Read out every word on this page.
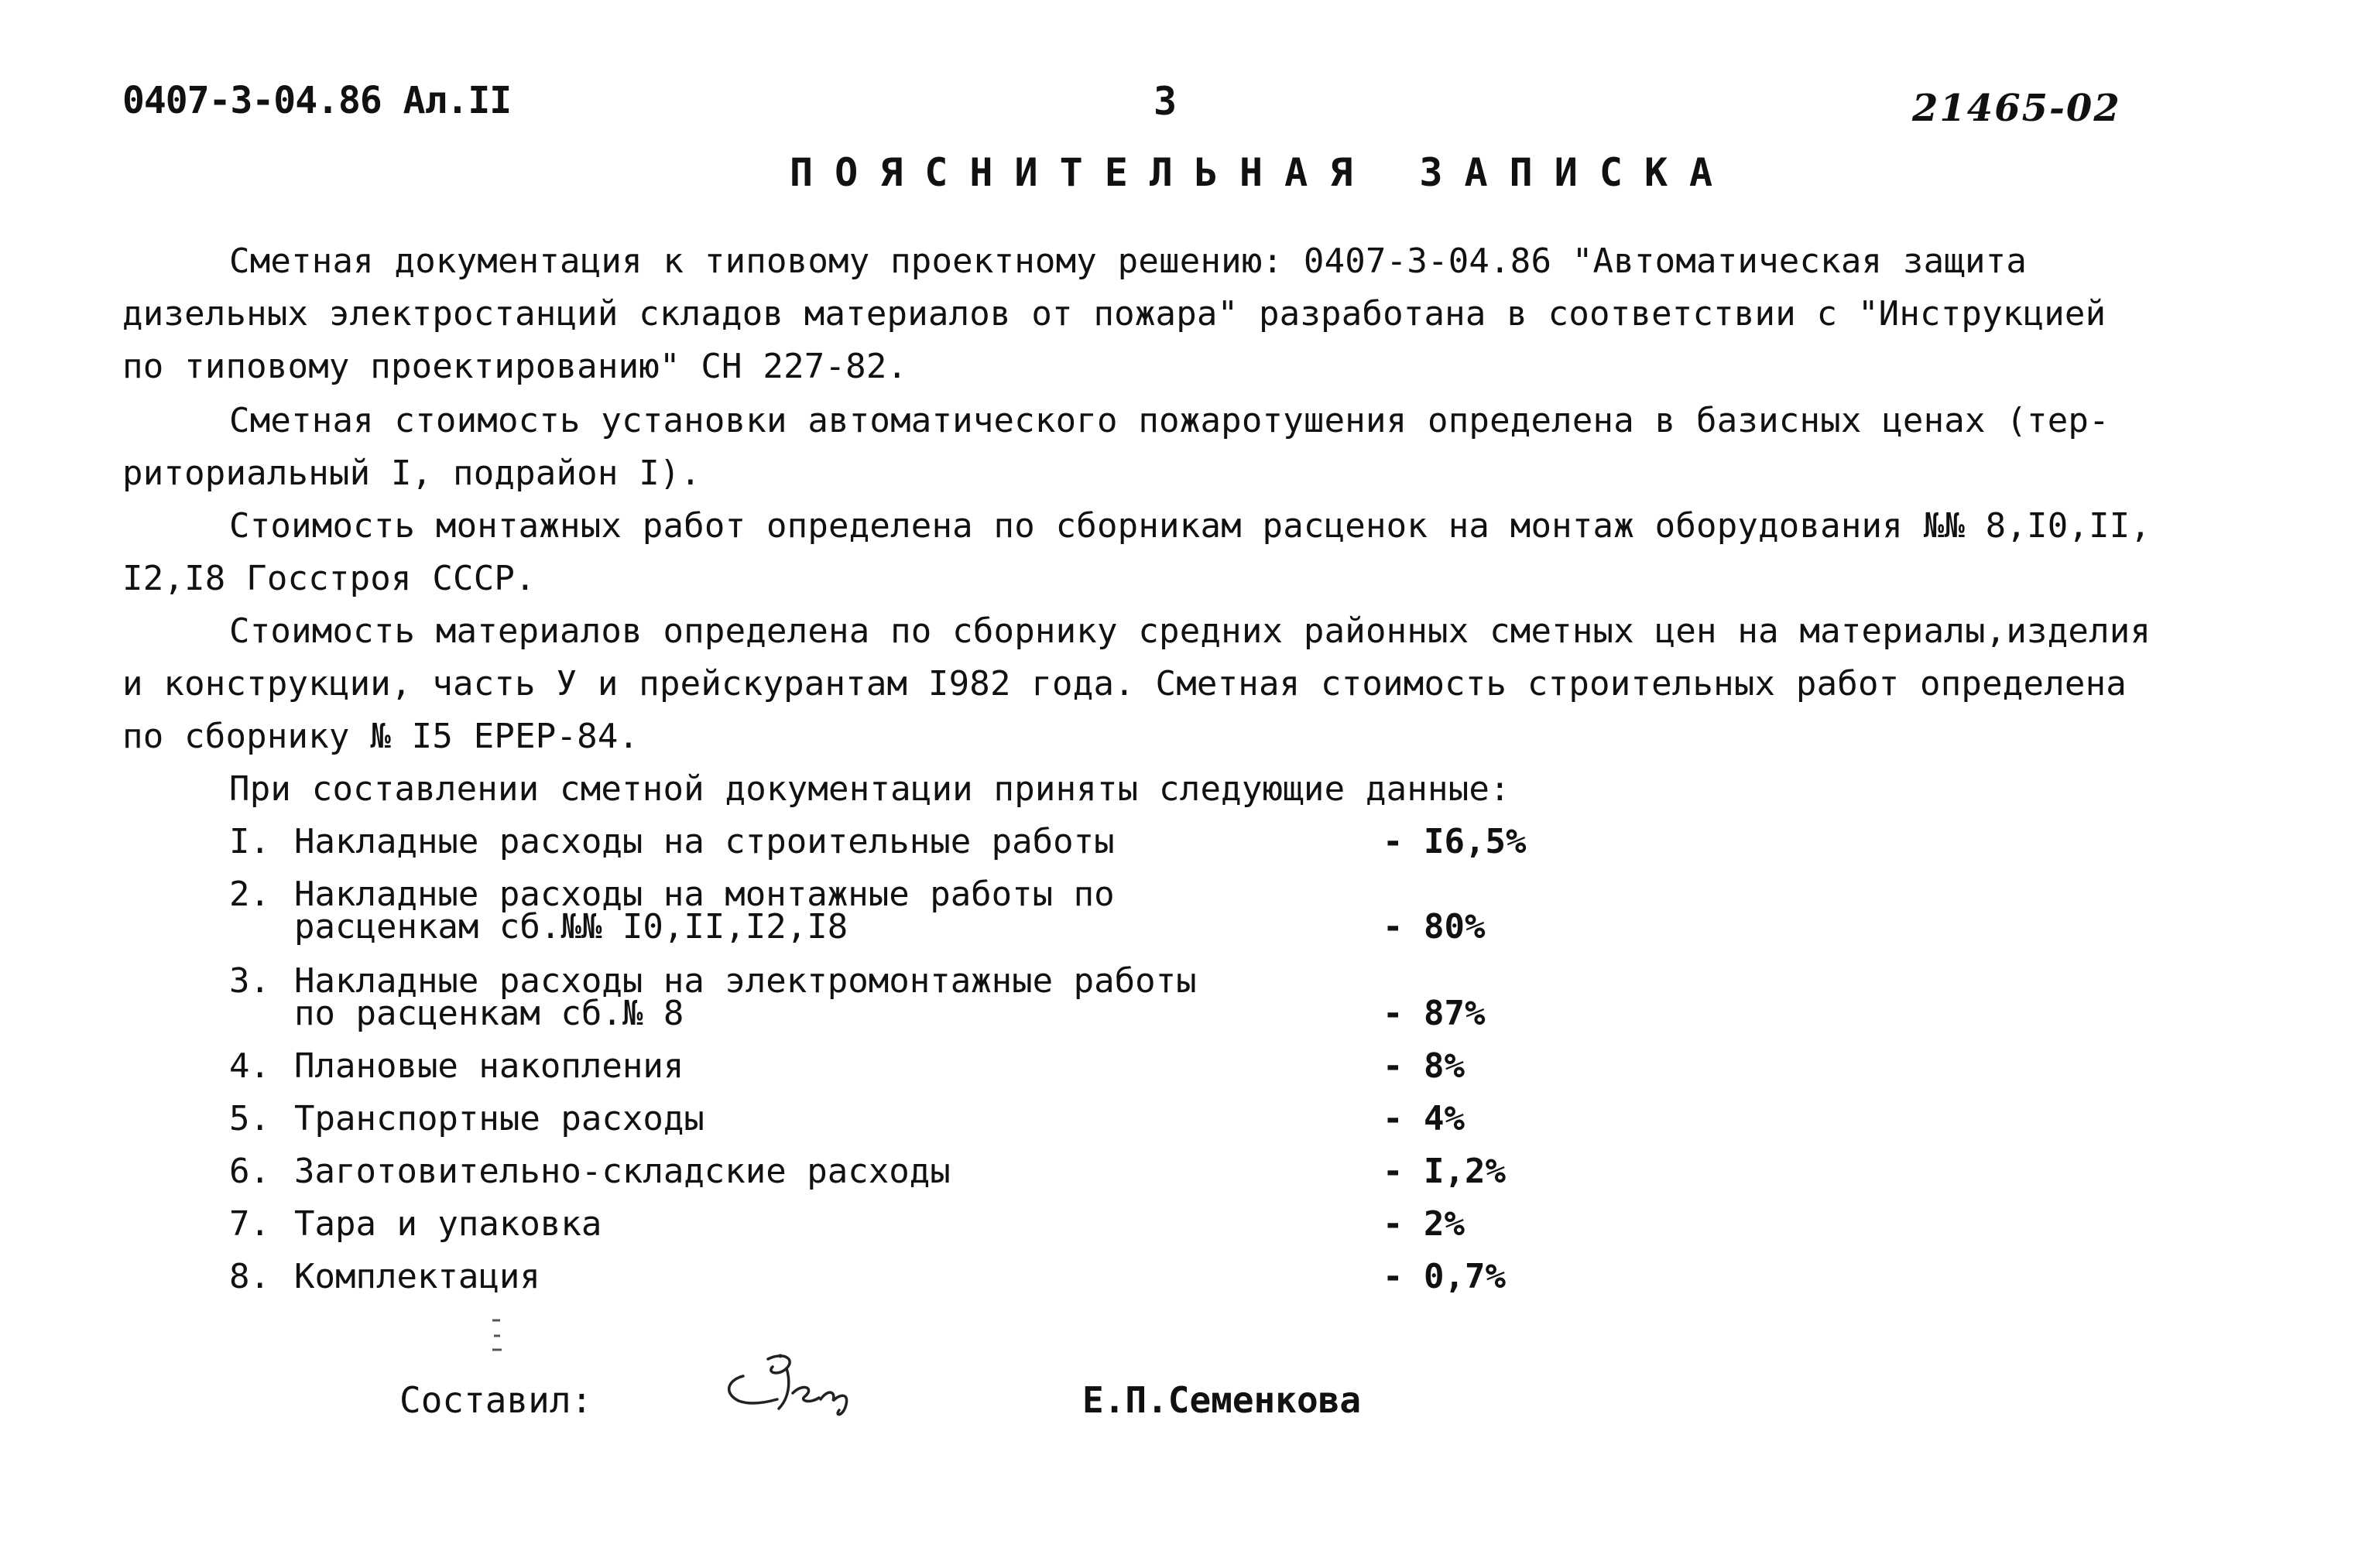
0407-3-04.86 Ал.II	3	21465-02
ПОЯСНИТЕЛЬНАЯ ЗАПИСКА
Сметная документация к типовому проектному решению: 0407-3-04.86 "Автоматическая защита
дизельных электростанций складов материалов от пожара" разработана в соответствии с "Инструкцией
по типовому проектированию" СН 227-82.
Сметная стоимость установки автоматического пожаротушения определена в базисных ценах (тер-
риториальный I, подрайон I).
Стоимость монтажных работ определена по сборникам расценок на монтаж оборудования №№ 8,I0,II,
I2,I8 Госстроя СССР.
Стоимость материалов определена по сборнику средних районных сметных цен на материалы,изделия
и конструкции, часть У и прейскурантам I982 года. Сметная стоимость строительных работ определена
по сборнику № I5 ЕРЕР-84.
При составлении сметной документации приняты следующие данные:
I. Накладные расходы на строительные работы	- I6,5%
2. Накладные расходы на монтажные работы по
расценкам сб.№№ I0,II,I2,I8	- 80%
3. Накладные расходы на электромонтажные работы
по расценкам сб.№ 8	- 87%
4. Плановые накопления	- 8%
5. Транспортные расходы	- 4%
6. Заготовительно-складские расходы	- I,2%
7. Тара и упаковка	- 2%
8. Комплектация	- 0,7%
Составил:	Е.П.Семенкова
